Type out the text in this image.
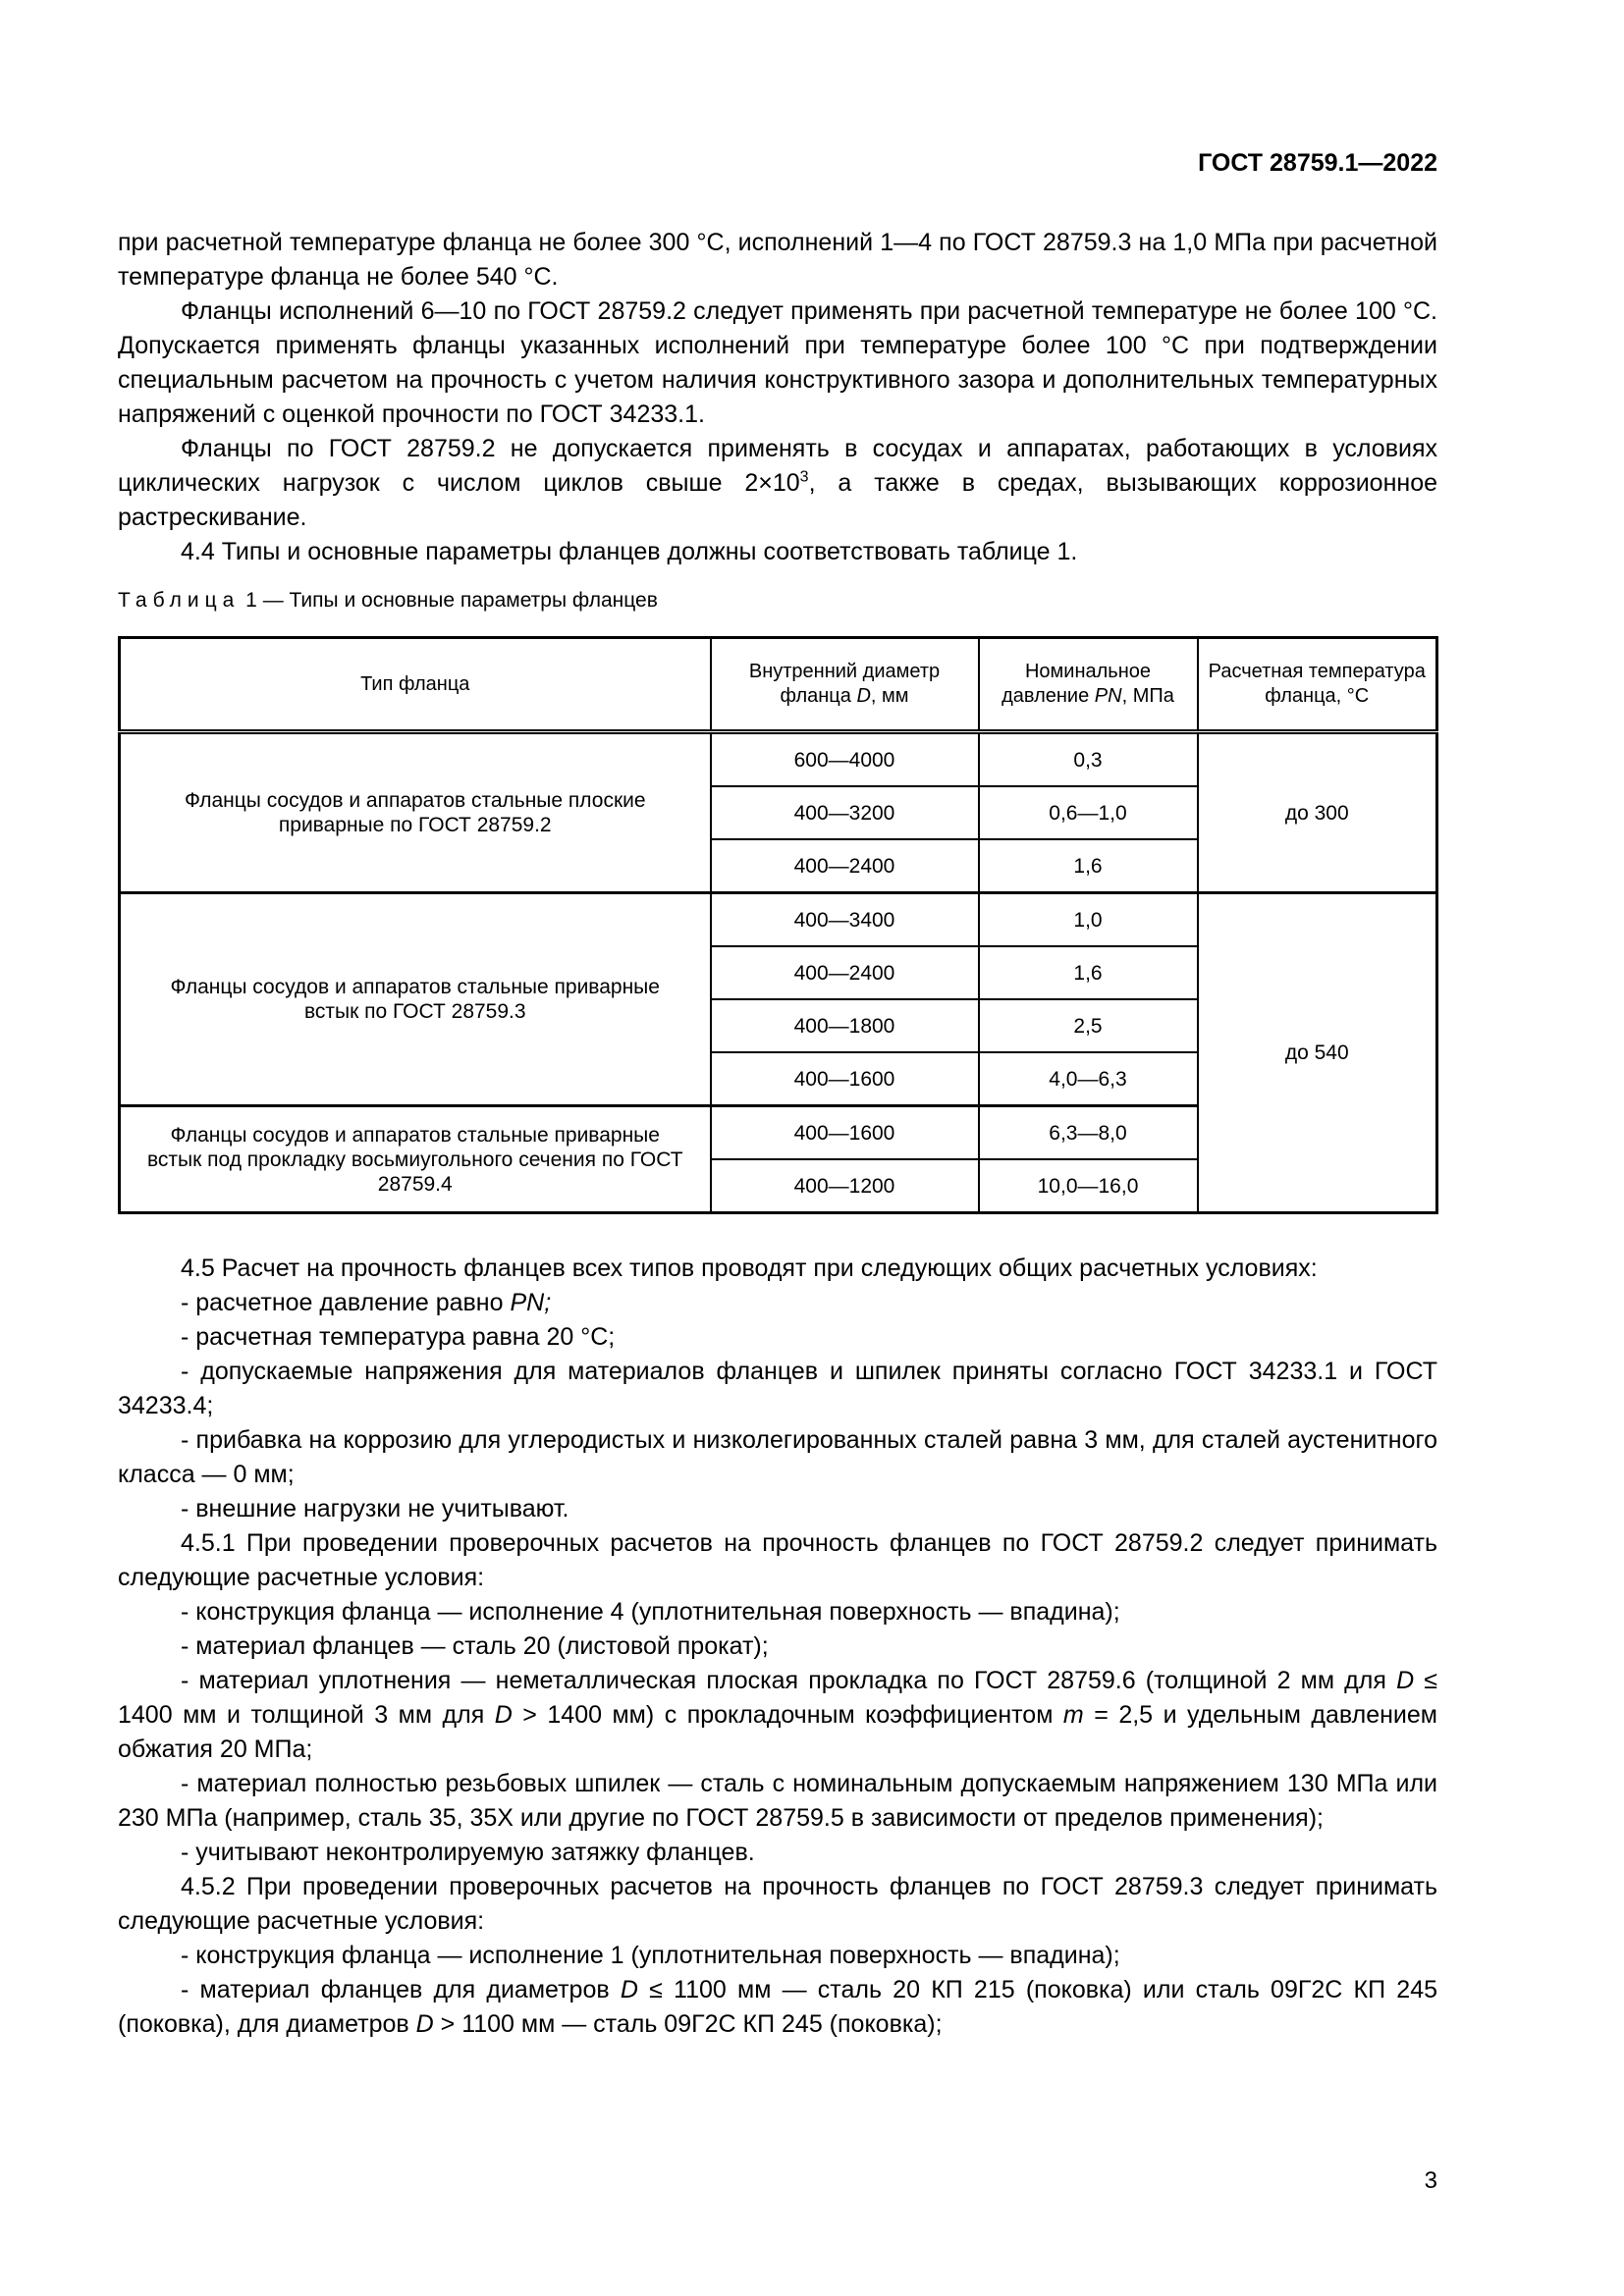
ГОСТ 28759.1—2022

при расчетной температуре фланца не более 300 °С, исполнений 1—4 по ГОСТ 28759.3 на 1,0 МПа при расчетной температуре фланца не более 540 °С.

Фланцы исполнений 6—10 по ГОСТ 28759.2 следует применять при расчетной температуре не более 100 °С. Допускается применять фланцы указанных исполнений при температуре более 100 °С при подтверждении специальным расчетом на прочность с учетом наличия конструктивного зазора и дополнительных температурных напряжений с оценкой прочности по ГОСТ 34233.1.

Фланцы по ГОСТ 28759.2 не допускается применять в сосудах и аппаратах, работающих в условиях циклических нагрузок с числом циклов свыше $2\times 10^3$, а также в средах, вызывающих коррозионное растрескивание.

4.4 Типы и основные параметры фланцев должны соответствовать таблице 1.

Таблица 1 — Типы и основные параметры фланцев
Тип фланца	Внутренний диаметр фланца D, мм	Номинальное давление PN, МПа	Расчетная температура фланца, °С
Фланцы сосудов и аппаратов стальные плоские приварные по ГОСТ 28759.2	600—4000	0,3	до 300
	400—3200	0,6—1,0	
	400—2400	1,6	
Фланцы сосудов и аппаратов стальные приварные встык по ГОСТ 28759.3	400—3400	1,0	до 540
	400—2400	1,6	
	400—1800	2,5	
	400—1600	4,0—6,3	
Фланцы сосудов и аппаратов стальные приварные встык под прокладку восьмиугольного сечения по ГОСТ 28759.4	400—1600	6,3—8,0	
	400—1200	10,0—16,0	

4.5 Расчет на прочность фланцев всех типов проводят при следующих общих расчетных условиях:

- расчетное давление равно PN;

- расчетная температура равна 20 °С;

- допускаемые напряжения для материалов фланцев и шпилек приняты согласно ГОСТ 34233.1 и ГОСТ 34233.4;

- прибавка на коррозию для углеродистых и низколегированных сталей равна 3 мм, для сталей аустенитного класса — 0 мм;

- внешние нагрузки не учитывают.

4.5.1 При проведении проверочных расчетов на прочность фланцев по ГОСТ 28759.2 следует принимать следующие расчетные условия:

- конструкция фланца — исполнение 4 (уплотнительная поверхность — впадина);

- материал фланцев — сталь 20 (листовой прокат);

- материал уплотнения — неметаллическая плоская прокладка по ГОСТ 28759.6 (толщиной 2 мм для D ≤ 1400 мм и толщиной 3 мм для D > 1400 мм) с прокладочным коэффициентом m = 2,5 и удельным давлением обжатия 20 МПа;

- материал полностью резьбовых шпилек — сталь с номинальным допускаемым напряжением 130 МПа или 230 МПа (например, сталь 35, 35Х или другие по ГОСТ 28759.5 в зависимости от пределов применения);

- учитывают неконтролируемую затяжку фланцев.

4.5.2 При проведении проверочных расчетов на прочность фланцев по ГОСТ 28759.3 следует принимать следующие расчетные условия:

- конструкция фланца — исполнение 1 (уплотнительная поверхность — впадина);

- материал фланцев для диаметров D ≤ 1100 мм — сталь 20 КП 215 (поковка) или сталь 09Г2С КП 245 (поковка), для диаметров D > 1100 мм — сталь 09Г2С КП 245 (поковка);

3
